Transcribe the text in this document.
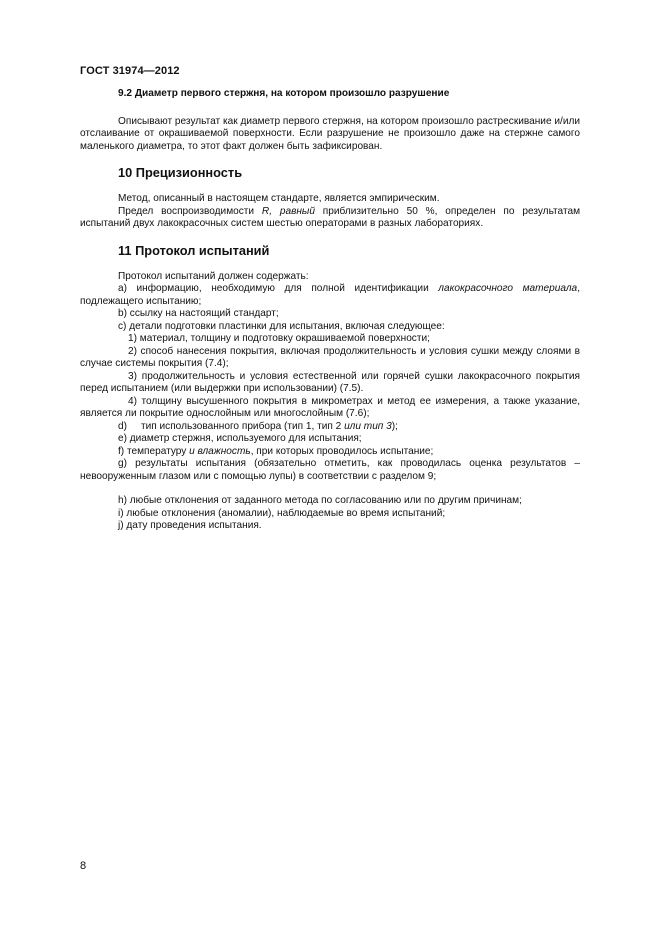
ГОСТ 31974—2012

9.2 Диаметр первого стержня, на котором произошло разрушение

Описывают результат как диаметр первого стержня, на котором произошло растрескивание и/или отслаивание от окрашиваемой поверхности. Если разрушение не произошло даже на стержне самого маленького диаметра, то этот факт должен быть зафиксирован.

10 Прецизионность

Метод, описанный в настоящем стандарте, является эмпирическим.

Предел воспроизводимости R, равный приблизительно 50 %, определен по результатам испытаний двух лакокрасочных систем шестью операторами в разных лабораториях.

11 Протокол испытаний

Протокол испытаний должен содержать:

a) информацию, необходимую для полной идентификации лакокрасочного материала, подлежащего испытанию;

b) ссылку на настоящий стандарт;

c) детали подготовки пластинки для испытания, включая следующее:

1) материал, толщину и подготовку окрашиваемой поверхности;

2) способ нанесения покрытия, включая продолжительность и условия сушки между слоями в случае системы покрытия (7.4);

3) продолжительность и условия естественной или горячей сушки лакокрасочного покрытия перед испытанием (или выдержки при использовании) (7.5).

4) толщину высушенного покрытия в микрометрах и метод ее измерения, а также указание, является ли покрытие однослойным или многослойным (7.6);

d)     тип использованного прибора (тип 1, тип 2 или тип 3);

e) диаметр стержня, используемого для испытания;

f) температуру и влажность, при которых проводилось испытание;

g) результаты испытания (обязательно отметить, как проводилась оценка результатов – невооруженным глазом или с помощью лупы) в соответствии с разделом 9;

h) любые отклонения от заданного метода по согласованию или по другим причинам;

i) любые отклонения (аномалии), наблюдаемые во время испытаний;

j) дату проведения испытания.

8
